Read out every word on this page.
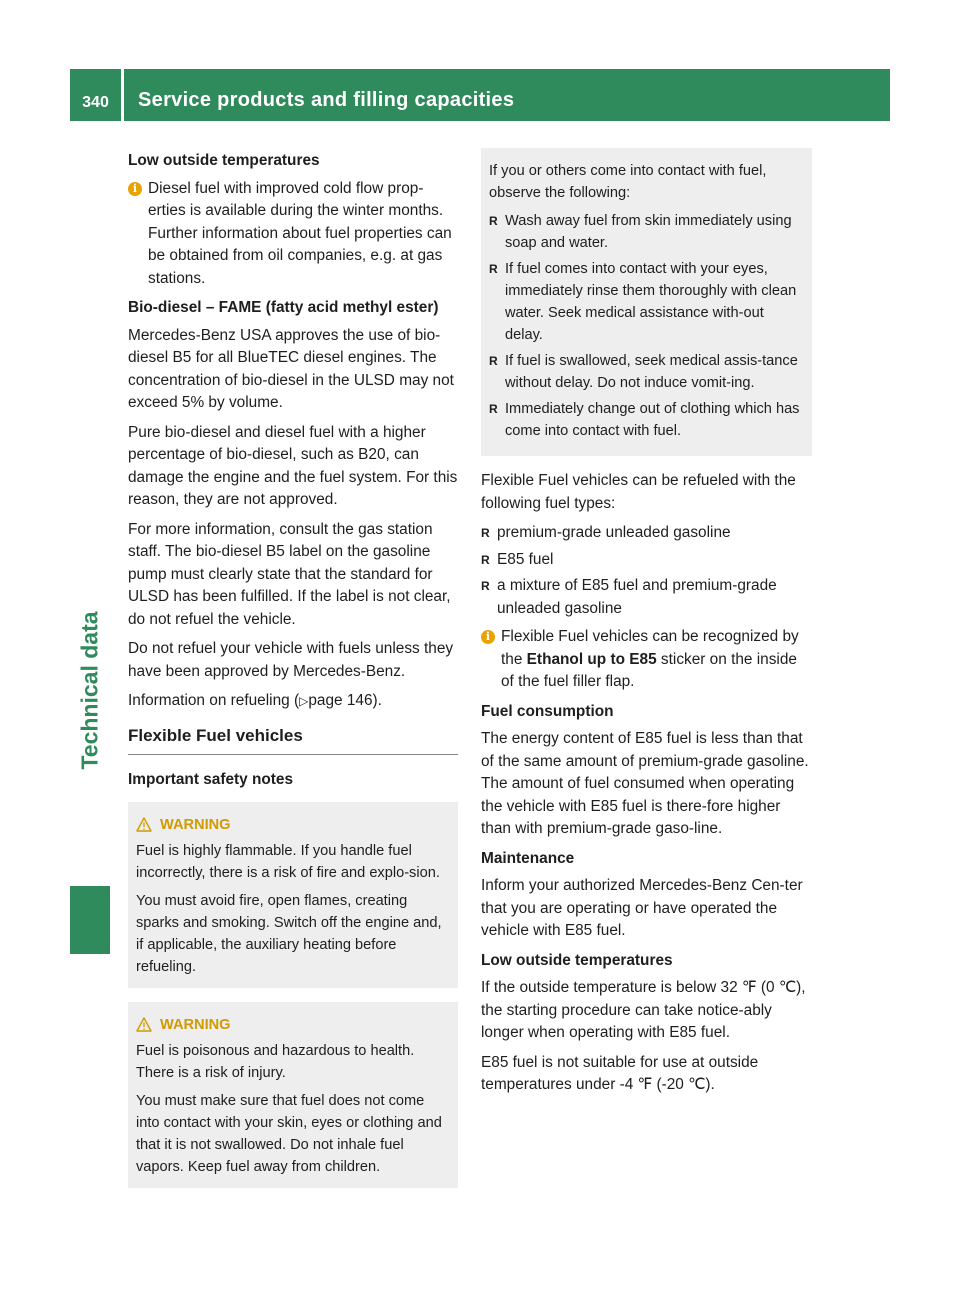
340	Service products and filling capacities
Technical data
Low outside temperatures
i Diesel fuel with improved cold flow prop-erties is available during the winter months. Further information about fuel properties can be obtained from oil companies, e.g. at gas stations.
Bio-diesel – FAME (fatty acid methyl ester)

Mercedes-Benz USA approves the use of bio-diesel B5 for all BlueTEC diesel engines. The concentration of bio-diesel in the ULSD may not exceed 5% by volume.

Pure bio-diesel and diesel fuel with a higher percentage of bio-diesel, such as B20, can damage the engine and the fuel system. For this reason, they are not approved.

For more information, consult the gas station staff. The bio-diesel B5 label on the gasoline pump must clearly state that the standard for ULSD has been fulfilled. If the label is not clear, do not refuel the vehicle.

Do not refuel your vehicle with fuels unless they have been approved by Mercedes-Benz.

Information on refueling (▷page 146).

Flexible Fuel vehicles
Important safety notes
WARNING

Fuel is highly flammable. If you handle fuel incorrectly, there is a risk of fire and explo-sion.

You must avoid fire, open flames, creating sparks and smoking. Switch off the engine and, if applicable, the auxiliary heating before refueling.

WARNING

Fuel is poisonous and hazardous to health. There is a risk of injury.

You must make sure that fuel does not come into contact with your skin, eyes or clothing and that it is not swallowed. Do not inhale fuel vapors. Keep fuel away from children.

If you or others come into contact with fuel, observe the following:

R Wash away fuel from skin immediately using soap and water.
R If fuel comes into contact with your eyes, immediately rinse them thoroughly with clean water. Seek medical assistance with-out delay.
R If fuel is swallowed, seek medical assis-tance without delay. Do not induce vomit-ing.
R Immediately change out of clothing which has come into contact with fuel.

Flexible Fuel vehicles can be refueled with the following fuel types:

R premium-grade unleaded gasoline
R E85 fuel
R a mixture of E85 fuel and premium-grade unleaded gasoline
i Flexible Fuel vehicles can be recognized by the Ethanol up to E85 sticker on the inside of the fuel filler flap.
Fuel consumption

The energy content of E85 fuel is less than that of the same amount of premium-grade gasoline. The amount of fuel consumed when operating the vehicle with E85 fuel is there-fore higher than with premium-grade gaso-line.

Maintenance

Inform your authorized Mercedes-Benz Cen-ter that you are operating or have operated the vehicle with E85 fuel.

Low outside temperatures

If the outside temperature is below 32 ℉ (0 ℃), the starting procedure can take notice-ably longer when operating with E85 fuel.

E85 fuel is not suitable for use at outside temperatures under -4 ℉ (-20 ℃).
